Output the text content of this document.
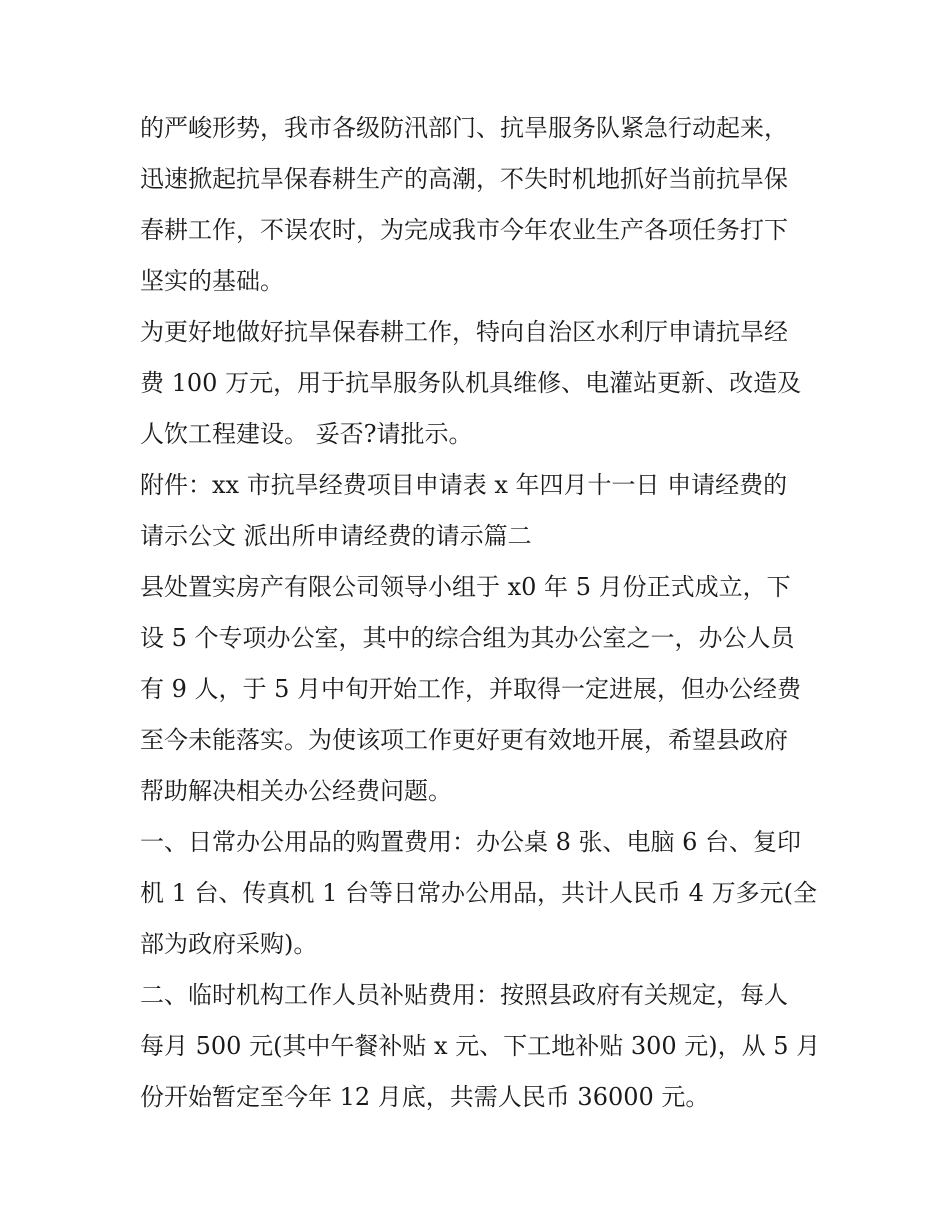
的严峻形势，我市各级防汛部门、抗旱服务队紧急行动起来，
迅速掀起抗旱保春耕生产的高潮，不失时机地抓好当前抗旱保
春耕工作，不误农时，为完成我市今年农业生产各项任务打下
坚实的基础。
为更好地做好抗旱保春耕工作，特向自治区水利厅申请抗旱经
费 100 万元，用于抗旱服务队机具维修、电灌站更新、改造及
人饮工程建设。 妥否?请批示。
附件：xx 市抗旱经费项目申请表 x 年四月十一日 申请经费的
请示公文 派出所申请经费的请示篇二
县处置实房产有限公司领导小组于 x0 年 5 月份正式成立，下
设 5 个专项办公室，其中的综合组为其办公室之一，办公人员
有 9 人，于 5 月中旬开始工作，并取得一定进展，但办公经费
至今未能落实。为使该项工作更好更有效地开展，希望县政府
帮助解决相关办公经费问题。
一、日常办公用品的购置费用：办公桌 8 张、电脑 6 台、复印
机 1 台、传真机 1 台等日常办公用品，共计人民币 4 万多元(全
部为政府采购)。
二、临时机构工作人员补贴费用：按照县政府有关规定，每人
每月 500 元(其中午餐补贴 x 元、下工地补贴 300 元)，从 5 月
份开始暂定至今年 12 月底，共需人民币 36000 元。
